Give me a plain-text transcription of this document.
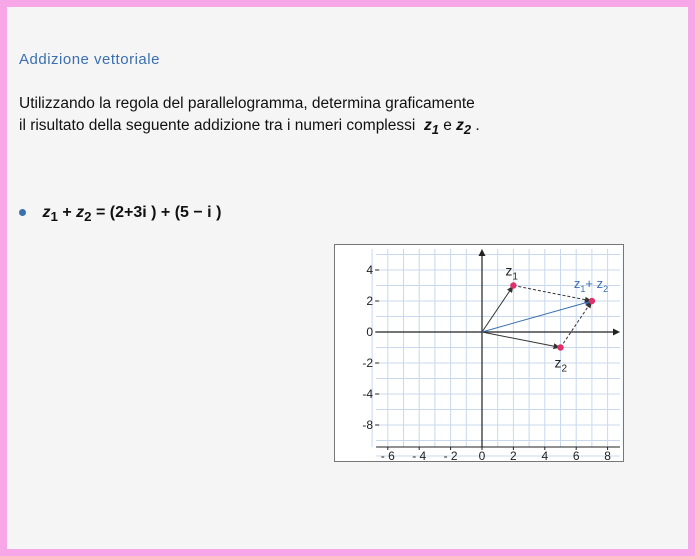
Addizione vettoriale
Utilizzando la regola del parallelogramma, determina graficamente
il risultato della seguente addizione tra i numeri complessi $z_1$ e $z_2$ .
$z_1 + z_2 = (2+3i$ ) + (5 − i )
- 6 - 4 - 2 0 2 4 6 8
4
2
0
-2
-4
-8
$z_1$
$z_2$
$z_1+ z_2$
